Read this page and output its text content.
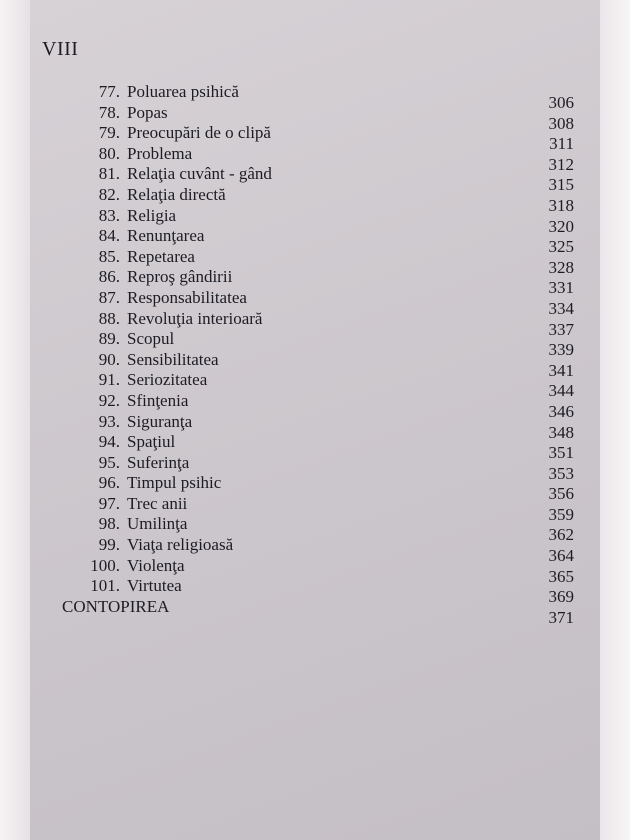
VIII
77. Poluarea psihică
306
78. Popas
308
79. Preocupări de o clipă
311
80. Problema
312
81. Relaţia cuvânt - gând
315
82. Relaţia directă
318
83. Religia
320
84. Renunţarea
325
85. Repetarea
328
86. Reproş gândirii
331
87. Responsabilitatea
334
88. Revoluţia interioară
337
89. Scopul
339
90. Sensibilitatea
341
91. Seriozitatea
344
92. Sfinţenia
346
93. Siguranţa
348
94. Spaţiul
351
95. Suferinţa
353
96. Timpul psihic
356
97. Trec anii
359
98. Umilinţa
362
99. Viaţa religioasă
364
100. Violenţa
365
101. Virtutea
369
CONTOPIREA
371
